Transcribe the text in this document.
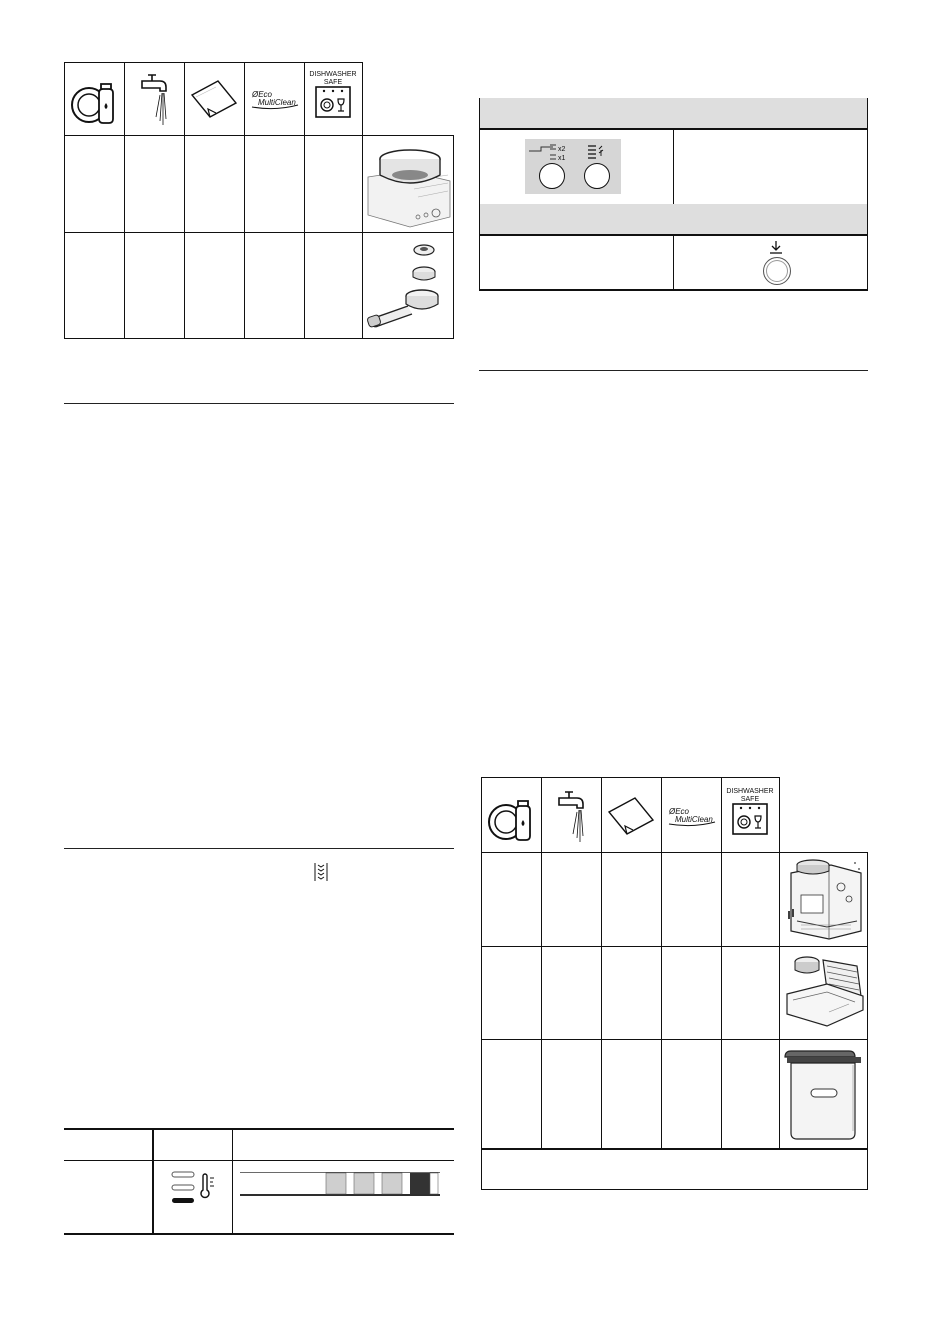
ØEco
MultiClean
DISHWASHER
SAFE
x2
x1
ØEco
MultiClean
DISHWASHER
SAFE
